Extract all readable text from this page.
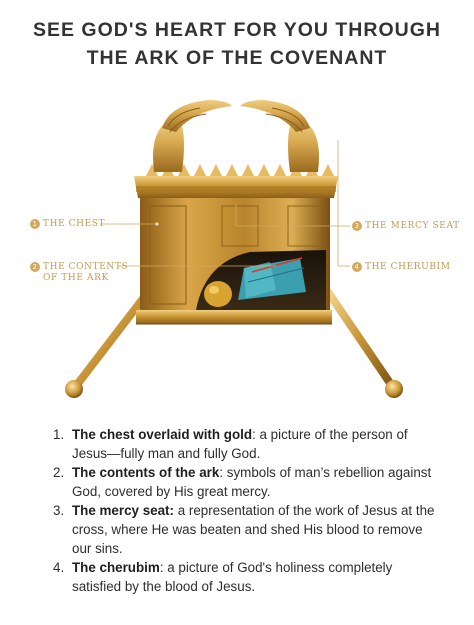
SEE GOD'S HEART FOR YOU THROUGH
THE ARK OF THE COVENANT
1 THE CHEST
2 THE CONTENTS
OF THE ARK
3 THE MERCY SEAT
4 THE CHERUBIM
1. The chest overlaid with gold: a picture of the person of
Jesus—fully man and fully God.
2. The contents of the ark: symbols of man’s rebellion against
God, covered by His great mercy.
3. The mercy seat: a representation of the work of Jesus at the
cross, where He was beaten and shed His blood to remove
our sins.
4. The cherubim: a picture of God's holiness completely
satisfied by the blood of Jesus.
